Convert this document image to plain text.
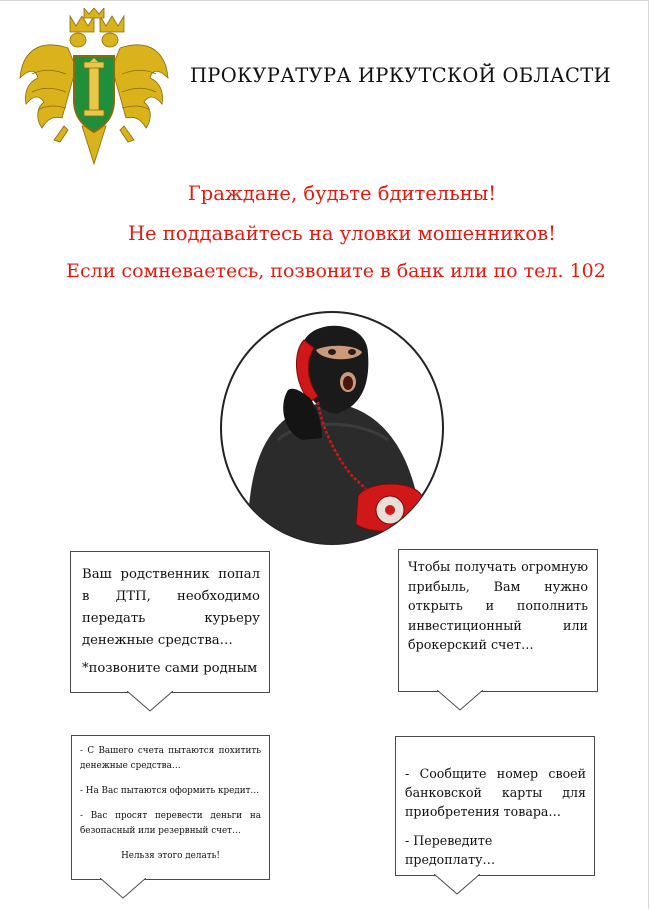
ПРОКУРАТУРА ИРКУТСКОЙ ОБЛАСТИ
Граждане, будьте бдительны!
Не поддавайтесь на уловки мошенников!
Если сомневаетесь, позвоните в банк или по тел. 102

Ваш родственник попал в ДТП, необходимо передать курьеру денежные средства…

*позвоните сами родным

Чтобы получать огромную прибыль, Вам нужно открыть и пополнить инвестиционный или брокерский счет…

- С Вашего счета пытаются похитить денежные средства…

- На Вас пытаются оформить кредит…

- Вас просят перевести деньги на безопасный или резервный счет…

Нельзя этого делать!

- Сообщите номер своей банковской карты для приобретения товара…

- Переведите предоплату…
